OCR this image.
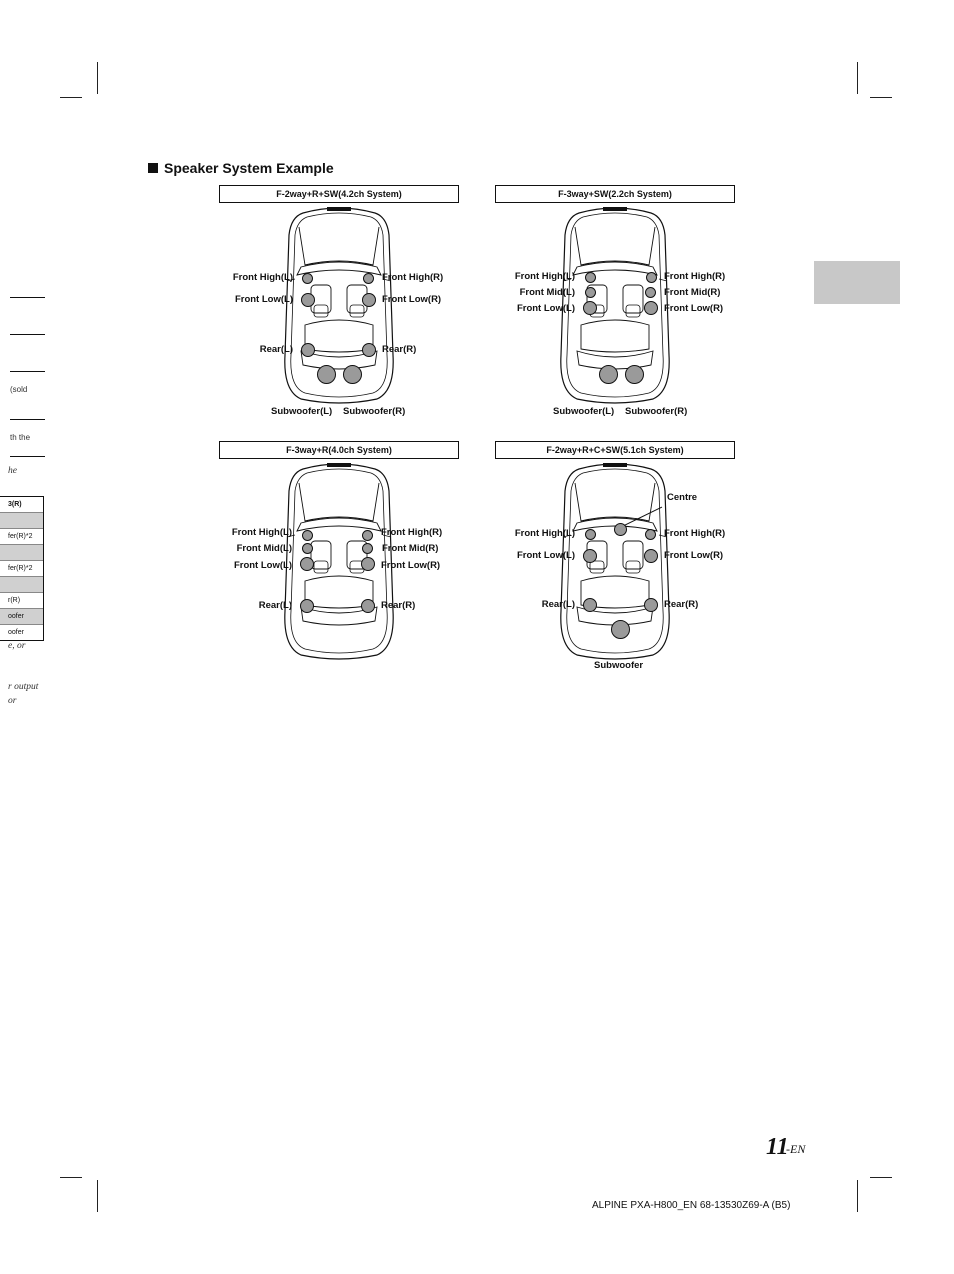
(sold
th the
he
3(R)
fer(R)*2
fer(R)*2
r(R)
oofer
oofer
e, or
r output
or
Speaker System Example
F-2way+R+SW(4.2ch System)
Front High(L)	Front High(R)
Front Low(L)	Front Low(R)
Rear(L)	Rear(R)
Subwoofer(L) Subwoofer(R)
F-3way+SW(2.2ch System)
Front High(L)	Front High(R)
Front Mid(L)	Front Mid(R)
Front Low(L)	Front Low(R)
Subwoofer(L) Subwoofer(R)
F-3way+R(4.0ch System)
Front High(L)	Front High(R)
Front Mid(L)	Front Mid(R)
Front Low(L)	Front Low(R)
Rear(L)	Rear(R)
F-2way+R+C+SW(5.1ch System)
Centre
Front High(L)	Front High(R)
Front Low(L)	Front Low(R)
Rear(L)	Rear(R)
Subwoofer
11
-EN
ALPINE PXA-H800_EN 68-13530Z69-A (B5)
